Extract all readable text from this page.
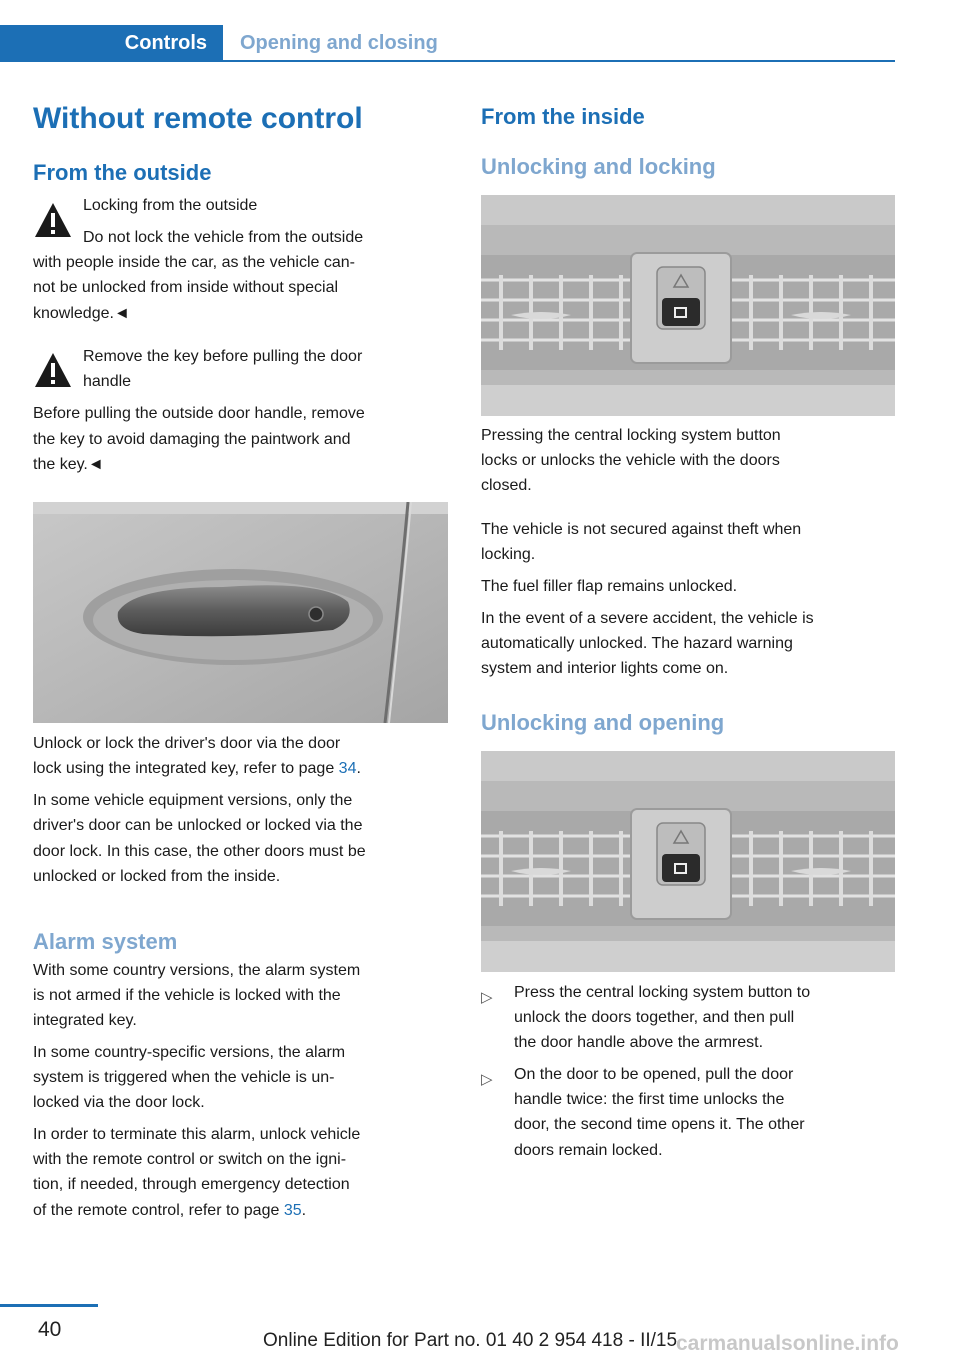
Controls	Opening and closing
Without remote control
From the outside

Locking from the outside

Do not lock the vehicle from the outside

with people inside the car, as the vehicle can‐

not be unlocked from inside without special

knowledge.◄

Remove the key before pulling the door

handle

Before pulling the outside door handle, remove

the key to avoid damaging the paintwork and

the key.◄

Unlock or lock the driver's door via the door

lock using the integrated key, refer to page 34.

In some vehicle equipment versions, only the

driver's door can be unlocked or locked via the

door lock. In this case, the other doors must be

unlocked or locked from the inside.

Alarm system

With some country versions, the alarm system

is not armed if the vehicle is locked with the

integrated key.

In some country-specific versions, the alarm

system is triggered when the vehicle is un‐

locked via the door lock.

In order to terminate this alarm, unlock vehicle

with the remote control or switch on the igni‐

tion, if needed, through emergency detection

of the remote control, refer to page 35.

From the inside
Unlocking and locking

Pressing the central locking system button

locks or unlocks the vehicle with the doors

closed.

The vehicle is not secured against theft when

locking.

The fuel filler flap remains unlocked.

In the event of a severe accident, the vehicle is

automatically unlocked. The hazard warning

system and interior lights come on.

Unlocking and opening
▷ Press the central locking system button to

unlock the doors together, and then pull

the door handle above the armrest.

▷ On the door to be opened, pull the door

handle twice: the first time unlocks the

door, the second time opens it. The other

doors remain locked.

40	Online Edition for Part no. 01 40 2 954 418 - II/15
carmanualsonline.info
